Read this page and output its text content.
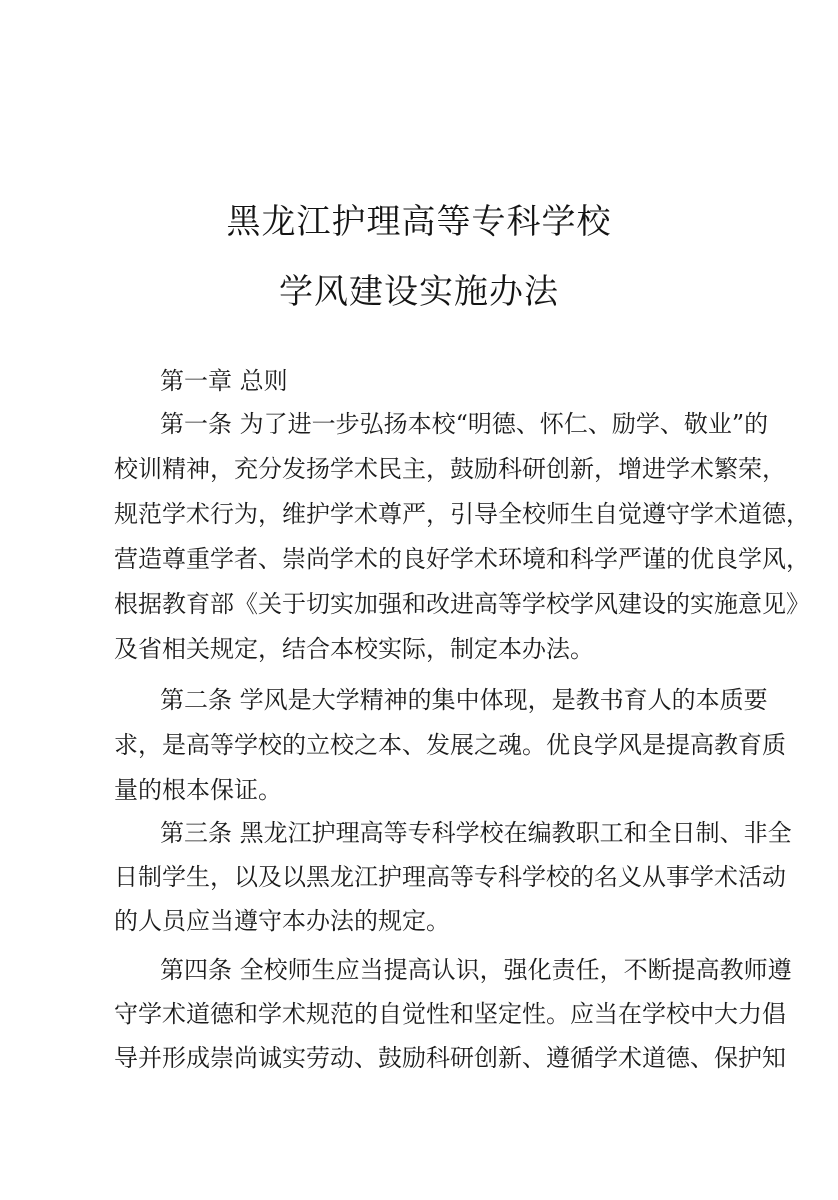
黑龙江护理高等专科学校
学风建设实施办法
第一章 总则
第一条 为了进一步弘扬本校“明德、怀仁、励学、敬业”的
校训精神，充分发扬学术民主，鼓励科研创新，增进学术繁荣，
规范学术行为，维护学术尊严，引导全校师生自觉遵守学术道德，
营造尊重学者、崇尚学术的良好学术环境和科学严谨的优良学风，
根据教育部《关于切实加强和改进高等学校学风建设的实施意见》
及省相关规定，结合本校实际，制定本办法。
第二条 学风是大学精神的集中体现，是教书育人的本质要
求，是高等学校的立校之本、发展之魂。优良学风是提高教育质
量的根本保证。
第三条 黑龙江护理高等专科学校在编教职工和全日制、非全
日制学生，以及以黑龙江护理高等专科学校的名义从事学术活动
的人员应当遵守本办法的规定。
第四条 全校师生应当提高认识，强化责任，不断提高教师遵
守学术道德和学术规范的自觉性和坚定性。应当在学校中大力倡
导并形成崇尚诚实劳动、鼓励科研创新、遵循学术道德、保护知
